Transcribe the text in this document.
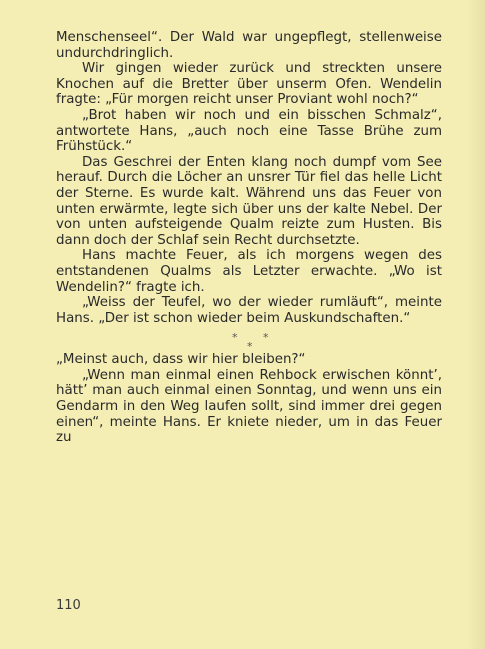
Menschenseel“. Der Wald war ungepflegt, stellenweise undurchdringlich.

Wir gingen wieder zurück und streckten unsere Knochen auf die Bretter über unserm Ofen. Wendelin fragte: „Für morgen reicht unser Proviant wohl noch?“

„Brot haben wir noch und ein bisschen Schmalz“, antwortete Hans, „auch noch eine Tasse Brühe zum Frühstück.“

Das Geschrei der Enten klang noch dumpf vom See herauf. Durch die Löcher an unsrer Tür fiel das helle Licht der Sterne. Es wurde kalt. Während uns das Feuer von unten erwärmte, legte sich über uns der kalte Nebel. Der von unten aufsteigende Qualm reizte zum Husten. Bis dann doch der Schlaf sein Recht durchsetzte.

Hans machte Feuer, als ich morgens wegen des entstandenen Qualms als Letzter erwachte. „Wo ist Wendelin?“ fragte ich.

„Weiss der Teufel, wo der wieder rumläuft“, meinte Hans. „Der ist schon wieder beim Auskundschaften.“

* *
*

„Meinst auch, dass wir hier bleiben?“

„Wenn man einmal einen Rehbock erwischen könnt’, hätt’ man auch einmal einen Sonntag, und wenn uns ein Gendarm in den Weg laufen sollt, sind immer drei gegen einen“, meinte Hans. Er kniete nieder, um in das Feuer zu

110
